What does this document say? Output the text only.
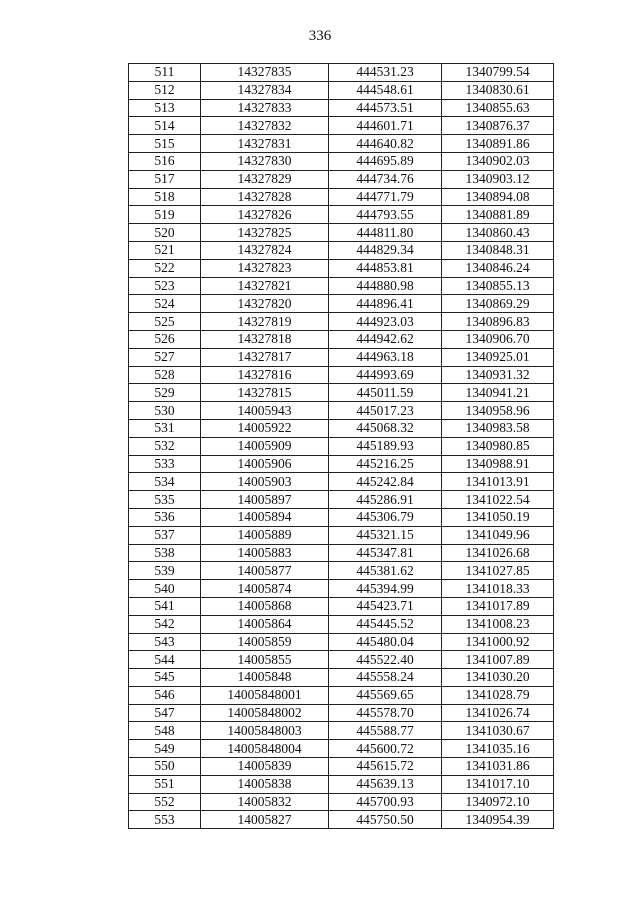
336
511	14327835	444531.23	1340799.54
512	14327834	444548.61	1340830.61
513	14327833	444573.51	1340855.63
514	14327832	444601.71	1340876.37
515	14327831	444640.82	1340891.86
516	14327830	444695.89	1340902.03
517	14327829	444734.76	1340903.12
518	14327828	444771.79	1340894.08
519	14327826	444793.55	1340881.89
520	14327825	444811.80	1340860.43
521	14327824	444829.34	1340848.31
522	14327823	444853.81	1340846.24
523	14327821	444880.98	1340855.13
524	14327820	444896.41	1340869.29
525	14327819	444923.03	1340896.83
526	14327818	444942.62	1340906.70
527	14327817	444963.18	1340925.01
528	14327816	444993.69	1340931.32
529	14327815	445011.59	1340941.21
530	14005943	445017.23	1340958.96
531	14005922	445068.32	1340983.58
532	14005909	445189.93	1340980.85
533	14005906	445216.25	1340988.91
534	14005903	445242.84	1341013.91
535	14005897	445286.91	1341022.54
536	14005894	445306.79	1341050.19
537	14005889	445321.15	1341049.96
538	14005883	445347.81	1341026.68
539	14005877	445381.62	1341027.85
540	14005874	445394.99	1341018.33
541	14005868	445423.71	1341017.89
542	14005864	445445.52	1341008.23
543	14005859	445480.04	1341000.92
544	14005855	445522.40	1341007.89
545	14005848	445558.24	1341030.20
546	14005848001	445569.65	1341028.79
547	14005848002	445578.70	1341026.74
548	14005848003	445588.77	1341030.67
549	14005848004	445600.72	1341035.16
550	14005839	445615.72	1341031.86
551	14005838	445639.13	1341017.10
552	14005832	445700.93	1340972.10
553	14005827	445750.50	1340954.39
